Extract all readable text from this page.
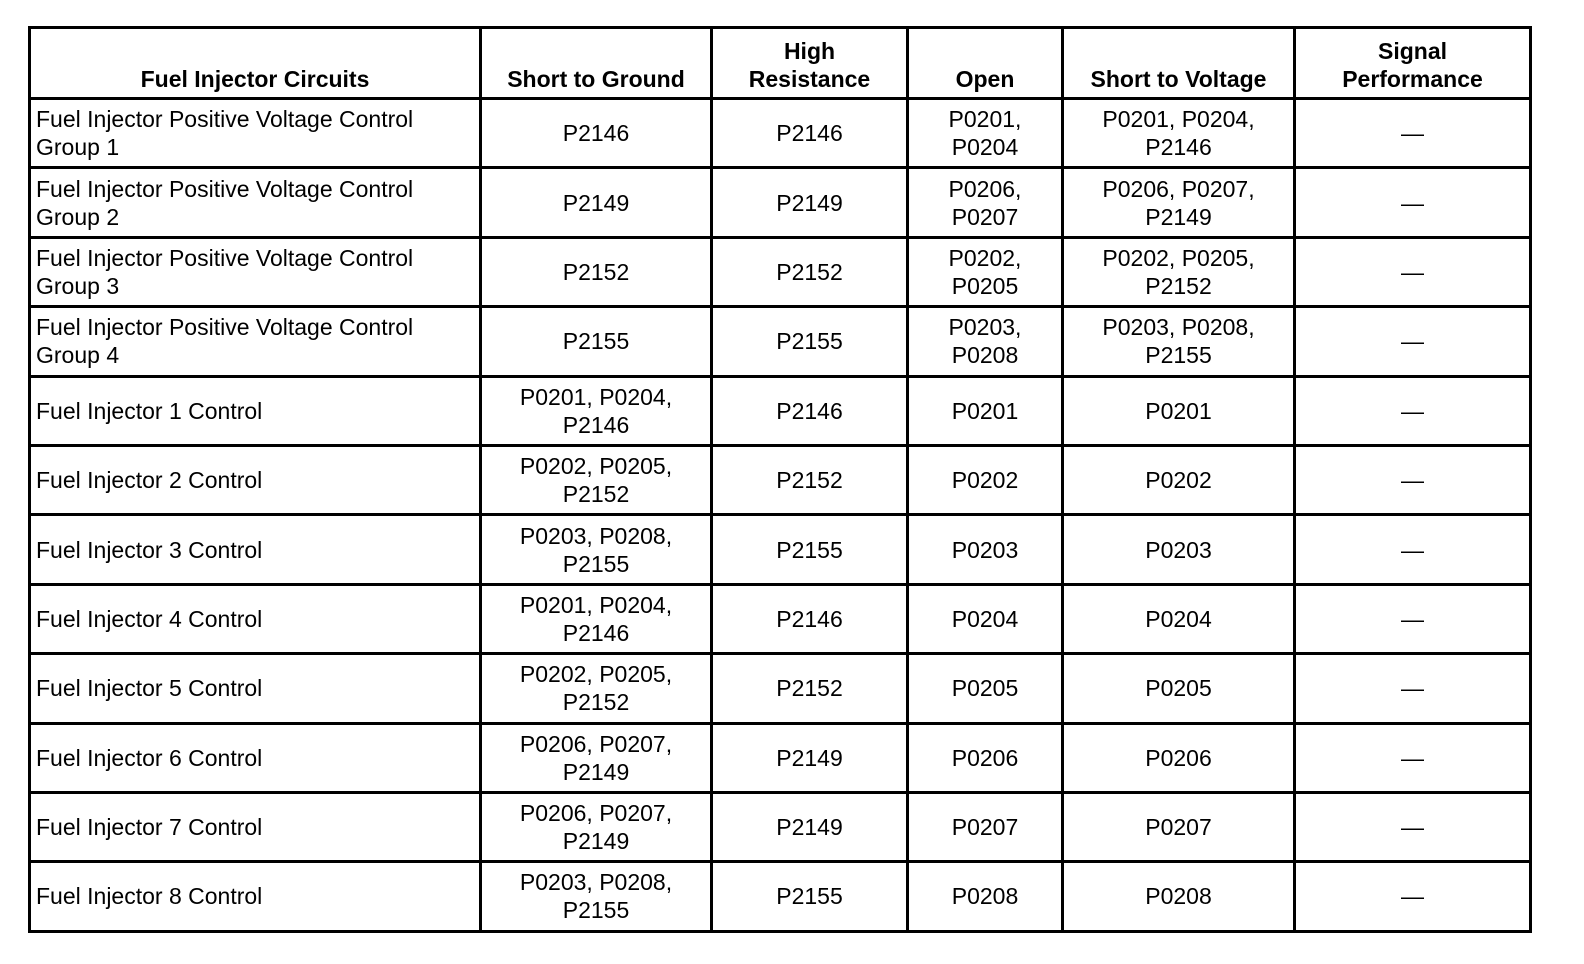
Fuel Injector Circuits	Short to Ground	High
Resistance	Open	Short to Voltage	Signal
Performance

Fuel Injector Positive Voltage Control
Group 1	P2146	P2146	P0201,
P0204	P0201, P0204,
P2146	—

Fuel Injector Positive Voltage Control
Group 2	P2149	P2149	P0206,
P0207	P0206, P0207,
P2149	—

Fuel Injector Positive Voltage Control
Group 3	P2152	P2152	P0202,
P0205	P0202, P0205,
P2152	—

Fuel Injector Positive Voltage Control
Group 4	P2155	P2155	P0203,
P0208	P0203, P0208,
P2155	—

Fuel Injector 1 Control	P0201, P0204,
P2146	P2146	P0201	P0201	—

Fuel Injector 2 Control	P0202, P0205,
P2152	P2152	P0202	P0202	—

Fuel Injector 3 Control	P0203, P0208,
P2155	P2155	P0203	P0203	—

Fuel Injector 4 Control	P0201, P0204,
P2146	P2146	P0204	P0204	—

Fuel Injector 5 Control	P0202, P0205,
P2152	P2152	P0205	P0205	—

Fuel Injector 6 Control	P0206, P0207,
P2149	P2149	P0206	P0206	—

Fuel Injector 7 Control	P0206, P0207,
P2149	P2149	P0207	P0207	—

Fuel Injector 8 Control	P0203, P0208,
P2155	P2155	P0208	P0208	—
